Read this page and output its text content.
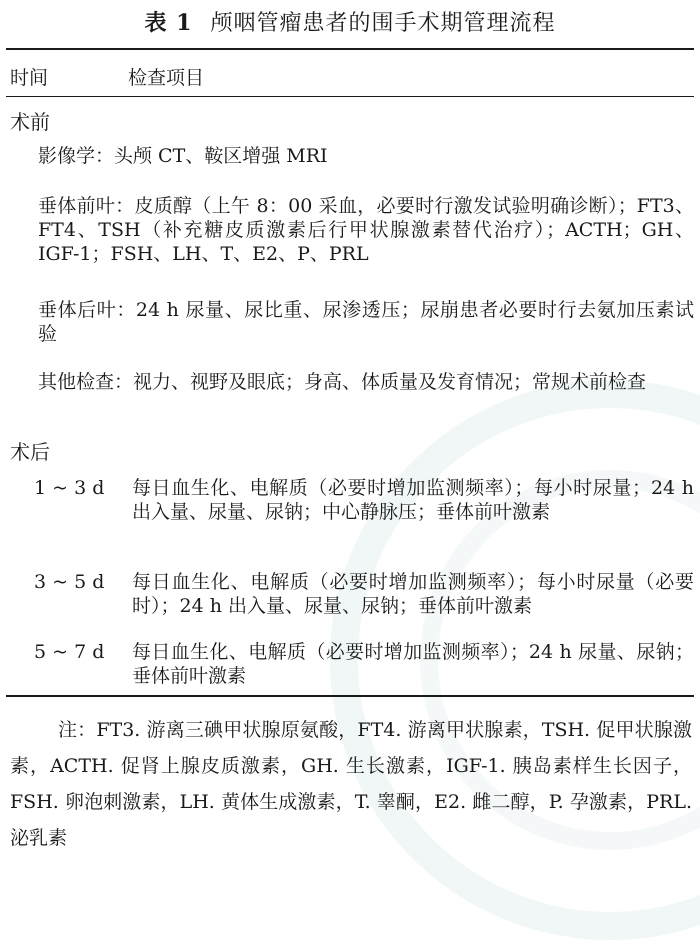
表 1 颅咽管瘤患者的围手术期管理流程
时间	检查项目
术前
影像学：头颅 CT、鞍区增强 MRI
垂体前叶：皮质醇（上午 8：00 采血，必要时行激发试验明确诊断）；FT3、FT4、TSH（补充糖皮质激素后行甲状腺激素替代治疗）；ACTH；GH、IGF-1；FSH、LH、T、E2、P、PRL
垂体后叶：24 h 尿量、尿比重、尿渗透压；尿崩患者必要时行去氨加压素试验
其他检查：视力、视野及眼底；身高、体质量及发育情况；常规术前检查
术后
1 ~ 3 d 每日血生化、电解质（必要时增加监测频率）；每小时尿量；24 h 出入量、尿量、尿钠；中心静脉压；垂体前叶激素
3 ~ 5 d 每日血生化、电解质（必要时增加监测频率）；每小时尿量（必要时）；24 h 出入量、尿量、尿钠；垂体前叶激素
5 ~ 7 d 每日血生化、电解质（必要时增加监测频率）；24 h 尿量、尿钠；垂体前叶激素
注：FT3. 游离三碘甲状腺原氨酸，FT4. 游离甲状腺素，TSH. 促甲状腺激素，ACTH. 促肾上腺皮质激素，GH. 生长激素，IGF-1. 胰岛素样生长因子，FSH. 卵泡刺激素，LH. 黄体生成激素，T. 睾酮，E2. 雌二醇，P. 孕激素，PRL. 泌乳素
